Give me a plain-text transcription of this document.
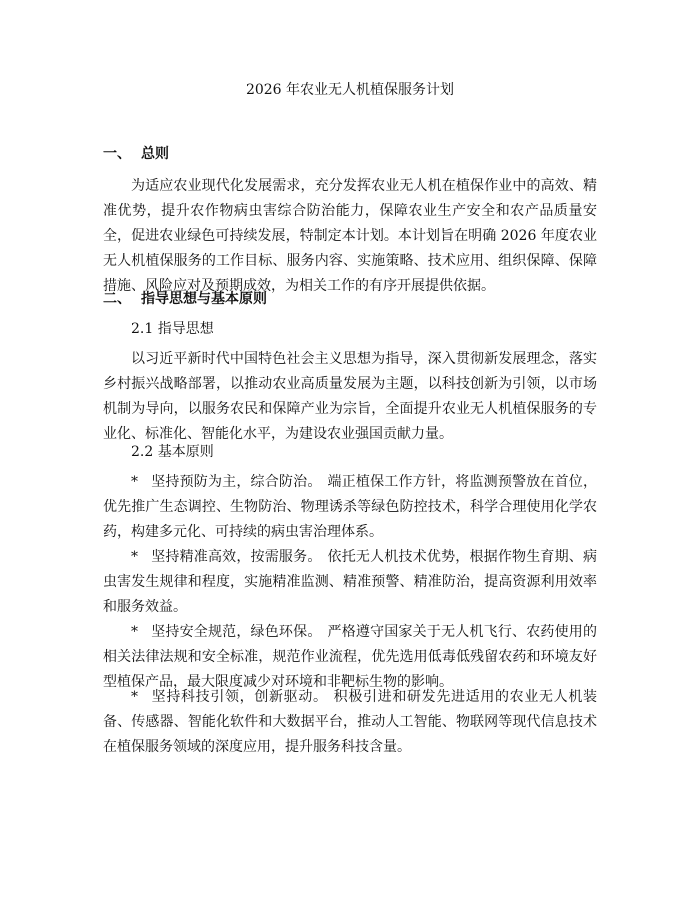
2026 年农业无人机植保服务计划
一、 总则

为适应农业现代化发展需求，充分发挥农业无人机在植保作业中的高效、精准优势，提升农作物病虫害综合防治能力，保障农业生产安全和农产品质量安全，促进农业绿色可持续发展，特制定本计划。本计划旨在明确 2026 年度农业无人机植保服务的工作目标、服务内容、实施策略、技术应用、组织保障、保障措施、风险应对及预期成效，为相关工作的有序开展提供依据。

二、 指导思想与基本原则
2.1 指导思想

以习近平新时代中国特色社会主义思想为指导，深入贯彻新发展理念，落实乡村振兴战略部署，以推动农业高质量发展为主题，以科技创新为引领，以市场机制为导向，以服务农民和保障产业为宗旨，全面提升农业无人机植保服务的专业化、标准化、智能化水平，为建设农业强国贡献力量。

2.2 基本原则

* 坚持预防为主，综合防治。 端正植保工作方针，将监测预警放在首位，优先推广生态调控、生物防治、物理诱杀等绿色防控技术，科学合理使用化学农药，构建多元化、可持续的病虫害治理体系。

* 坚持精准高效，按需服务。 依托无人机技术优势，根据作物生育期、病虫害发生规律和程度，实施精准监测、精准预警、精准防治，提高资源利用效率和服务效益。

* 坚持安全规范，绿色环保。 严格遵守国家关于无人机飞行、农药使用的相关法律法规和安全标准，规范作业流程，优先选用低毒低残留农药和环境友好型植保产品，最大限度减少对环境和非靶标生物的影响。

* 坚持科技引领，创新驱动。 积极引进和研发先进适用的农业无人机装备、传感器、智能化软件和大数据平台，推动人工智能、物联网等现代信息技术在植保服务领域的深度应用，提升服务科技含量。
